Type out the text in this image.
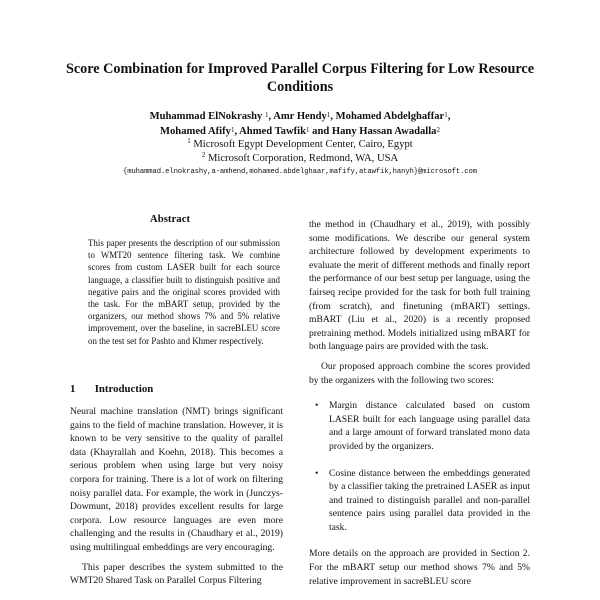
Score Combination for Improved Parallel Corpus Filtering for Low Resource Conditions
Muhammad ElNokrashy $^1$, Amr Hendy$^1$, Mohamed Abdelghaffar$^1$,
Mohamed Afify$^1$, Ahmed Tawfik$^1$ and Hany Hassan Awadalla$^2$
$^1$ Microsoft Egypt Development Center, Cairo, Egypt
$^2$ Microsoft Corporation, Redmond, WA, USA
{muhammad.elnokrashy,a-amhend,mohamed.abdelghaar,mafify,atawfik,hanyh}@microsoft.com
Abstract
This paper presents the description of our submission to WMT20 sentence filtering task. We combine scores from custom LASER built for each source language, a classifier built to distinguish positive and negative pairs and the original scores provided with the task. For the mBART setup, provided by the organizers, our method shows 7% and 5% relative improvement, over the baseline, in sacreBLEU score on the test set for Pashto and Khmer respectively.
1 Introduction

Neural machine translation (NMT) brings significant gains to the field of machine translation. However, it is known to be very sensitive to the quality of parallel data (Khayrallah and Koehn, 2018). This becomes a serious problem when using large but very noisy corpora for training. There is a lot of work on filtering noisy parallel data. For example, the work in (Junczys-Dowmunt, 2018) provides excellent results for large corpora. Low resource languages are even more challenging and the results in (Chaudhary et al., 2019) using multilingual embeddings are very encouraging.

This paper describes the system submitted to the WMT20 Shared Task on Parallel Corpus Filtering

the method in (Chaudhary et al., 2019), with possibly some modifications. We describe our general system architecture followed by development experiments to evaluate the merit of different methods and finally report the performance of our best setup per language, using the fairseq recipe provided for the task for both full training (from scratch), and finetuning (mBART) settings. mBART (Liu et al., 2020) is a recently proposed pretraining method. Models initialized using mBART for both language pairs are provided with the task.

Our proposed approach combine the scores provided by the organizers with the following two scores:

• Margin distance calculated based on custom LASER built for each language using parallel data and a large amount of forward translated mono data provided by the organizers.
• Cosine distance between the embeddings generated by a classifier taking the pretrained LASER as input and trained to distinguish parallel and non-parallel sentence pairs using parallel data provided in the task.

More details on the approach are provided in Section 2. For the mBART setup our method shows 7% and 5% relative improvement in sacreBLEU score
